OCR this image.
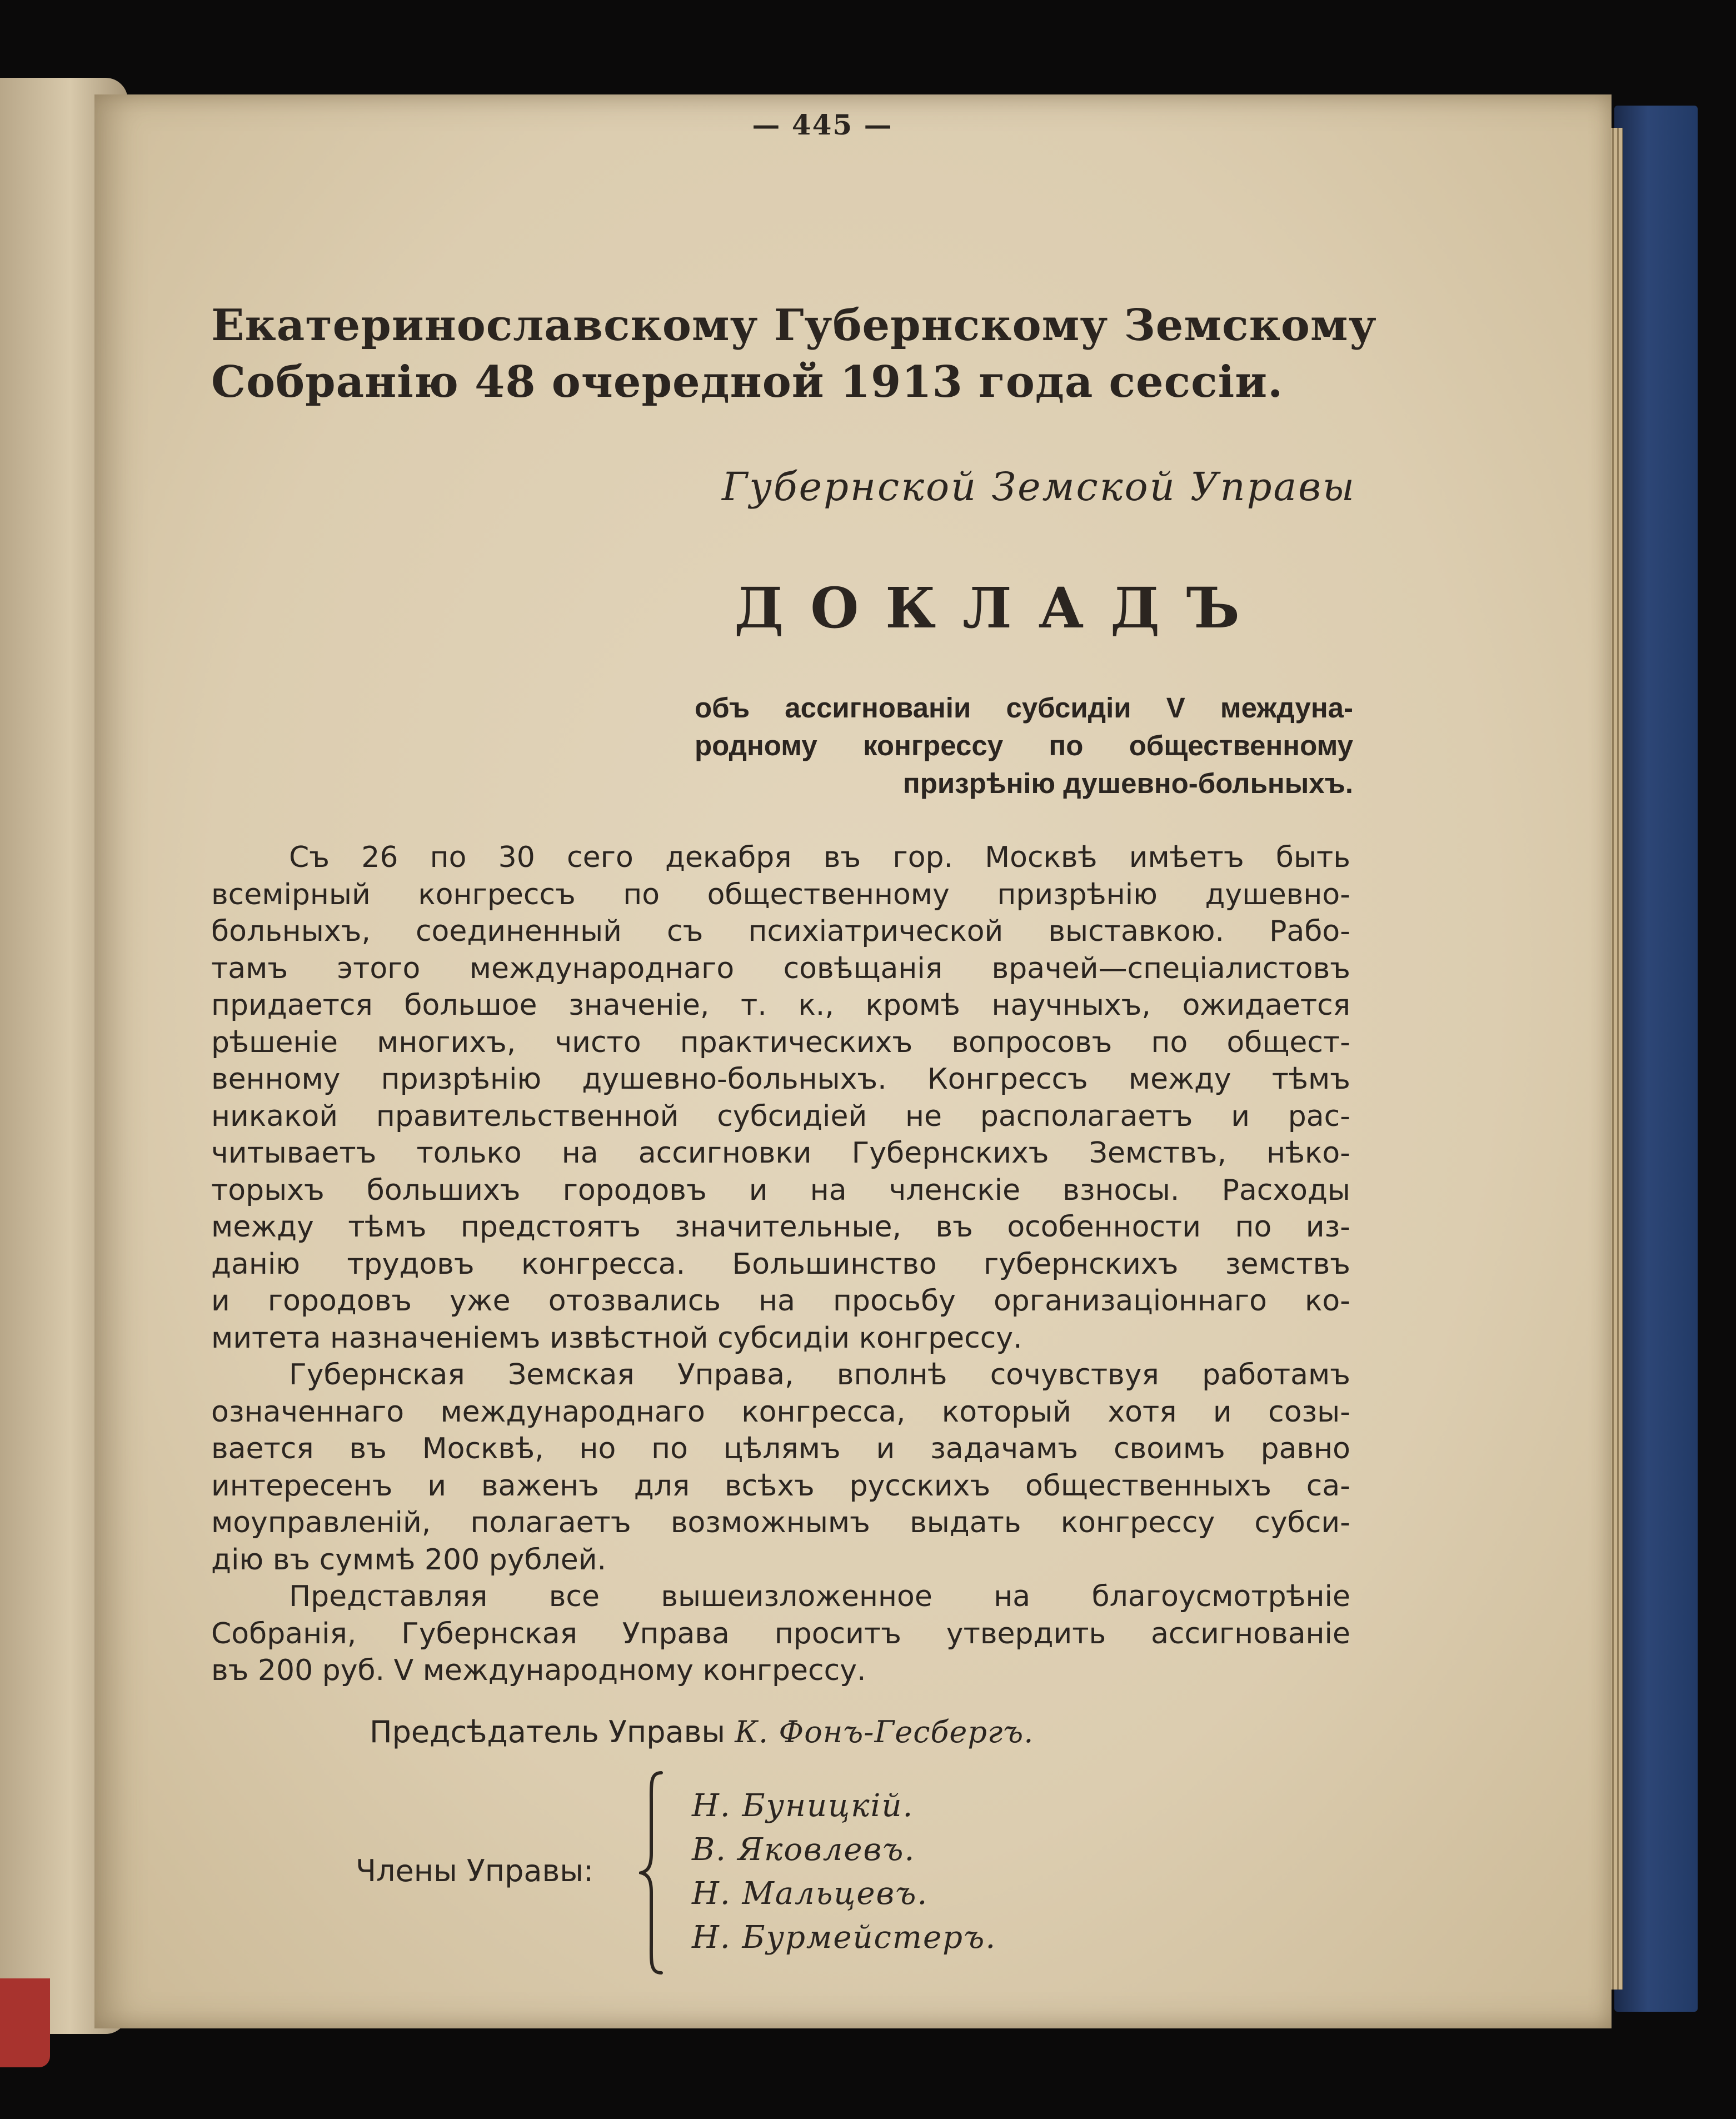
— 445 —
Екатеринославскому Губернскому Земскому
Собранію 48 очередной 1913 года сессіи.
Губернской Земской Управы
ДОКЛАДЪ
объ ассигнованіи субсидіи V междуна-
родному конгрессу по общественному
призрѣнію душевно-больныхъ.
Съ 26 по 30 сего декабря въ гор. Москвѣ имѣетъ быть
всемірный конгрессъ по общественному призрѣнію душевно-
больныхъ, соединенный съ психіатрической выставкою. Рабо-
тамъ этого международнаго совѣщанія врачей—спеціалистовъ
придается большое значеніе, т. к., кромѣ научныхъ, ожидается
рѣшеніе многихъ, чисто практическихъ вопросовъ по общест-
венному призрѣнію душевно-больныхъ. Конгрессъ между тѣмъ
никакой правительственной субсидіей не располагаетъ и рас-
читываетъ только на ассигновки Губернскихъ Земствъ, нѣко-
торыхъ большихъ городовъ и на членскіе взносы. Расходы
между тѣмъ предстоятъ значительные, въ особенности по из-
данію трудовъ конгресса. Большинство губернскихъ земствъ
и городовъ уже отозвались на просьбу организаціоннаго ко-
митета назначеніемъ извѣстной субсидіи конгрессу.
Губернская Земская Управа, вполнѣ сочувствуя работамъ
означеннаго международнаго конгресса, который хотя и созы-
вается въ Москвѣ, но по цѣлямъ и задачамъ своимъ равно
интересенъ и важенъ для всѣхъ русскихъ общественныхъ са-
моуправленій, полагаетъ возможнымъ выдать конгрессу субси-
дію въ суммѣ 200 рублей.
Представляя все вышеизложенное на благоусмотрѣніе
Собранія, Губернская Управа проситъ утвердить ассигнованіе
въ 200 руб. V международному конгрессу.
Предсѣдатель Управы К. Фонъ-Гесбергъ.
Члены Управы:
Н. Буницкій.
В. Яковлевъ.
Н. Мальцевъ.
Н. Бурмейстеръ.
